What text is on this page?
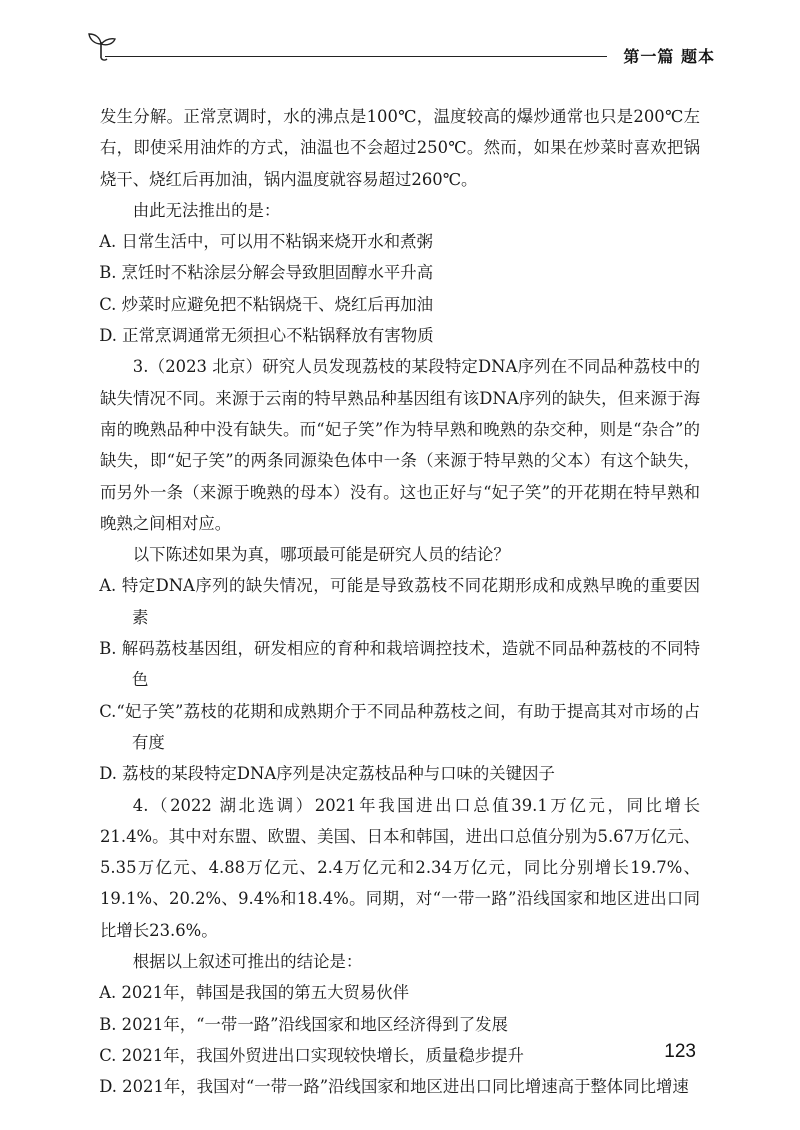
第一篇 题本

发生分解。正常烹调时，水的沸点是100℃，温度较高的爆炒通常也只是200℃左右，即使采用油炸的方式，油温也不会超过250℃。然而，如果在炒菜时喜欢把锅烧干、烧红后再加油，锅内温度就容易超过260℃。

由此无法推出的是：

A. 日常生活中，可以用不粘锅来烧开水和煮粥

B. 烹饪时不粘涂层分解会导致胆固醇水平升高

C. 炒菜时应避免把不粘锅烧干、烧红后再加油

D. 正常烹调通常无须担心不粘锅释放有害物质

3.（2023 北京）研究人员发现荔枝的某段特定DNA序列在不同品种荔枝中的缺失情况不同。来源于云南的特早熟品种基因组有该DNA序列的缺失，但来源于海南的晚熟品种中没有缺失。而“妃子笑”作为特早熟和晚熟的杂交种，则是“杂合”的缺失，即“妃子笑”的两条同源染色体中一条（来源于特早熟的父本）有这个缺失，而另外一条（来源于晚熟的母本）没有。这也正好与“妃子笑”的开花期在特早熟和晚熟之间相对应。

以下陈述如果为真，哪项最可能是研究人员的结论？

A. 特定DNA序列的缺失情况，可能是导致荔枝不同花期形成和成熟早晚的重要因素

B. 解码荔枝基因组，研发相应的育种和栽培调控技术，造就不同品种荔枝的不同特色

C.“妃子笑”荔枝的花期和成熟期介于不同品种荔枝之间，有助于提高其对市场的占有度

D. 荔枝的某段特定DNA序列是决定荔枝品种与口味的关键因子

4.（2022 湖北选调）2021年我国进出口总值39.1万亿元，同比增长21.4%。其中对东盟、欧盟、美国、日本和韩国，进出口总值分别为5.67万亿元、5.35万亿元、4.88万亿元、2.4万亿元和2.34万亿元，同比分别增长19.7%、19.1%、20.2%、9.4%和18.4%。同期，对“一带一路”沿线国家和地区进出口同比增长23.6%。

根据以上叙述可推出的结论是：

A. 2021年，韩国是我国的第五大贸易伙伴

B. 2021年，“一带一路”沿线国家和地区经济得到了发展

C. 2021年，我国外贸进出口实现较快增长，质量稳步提升

D. 2021年，我国对“一带一路”沿线国家和地区进出口同比增速高于整体同比增速

123
